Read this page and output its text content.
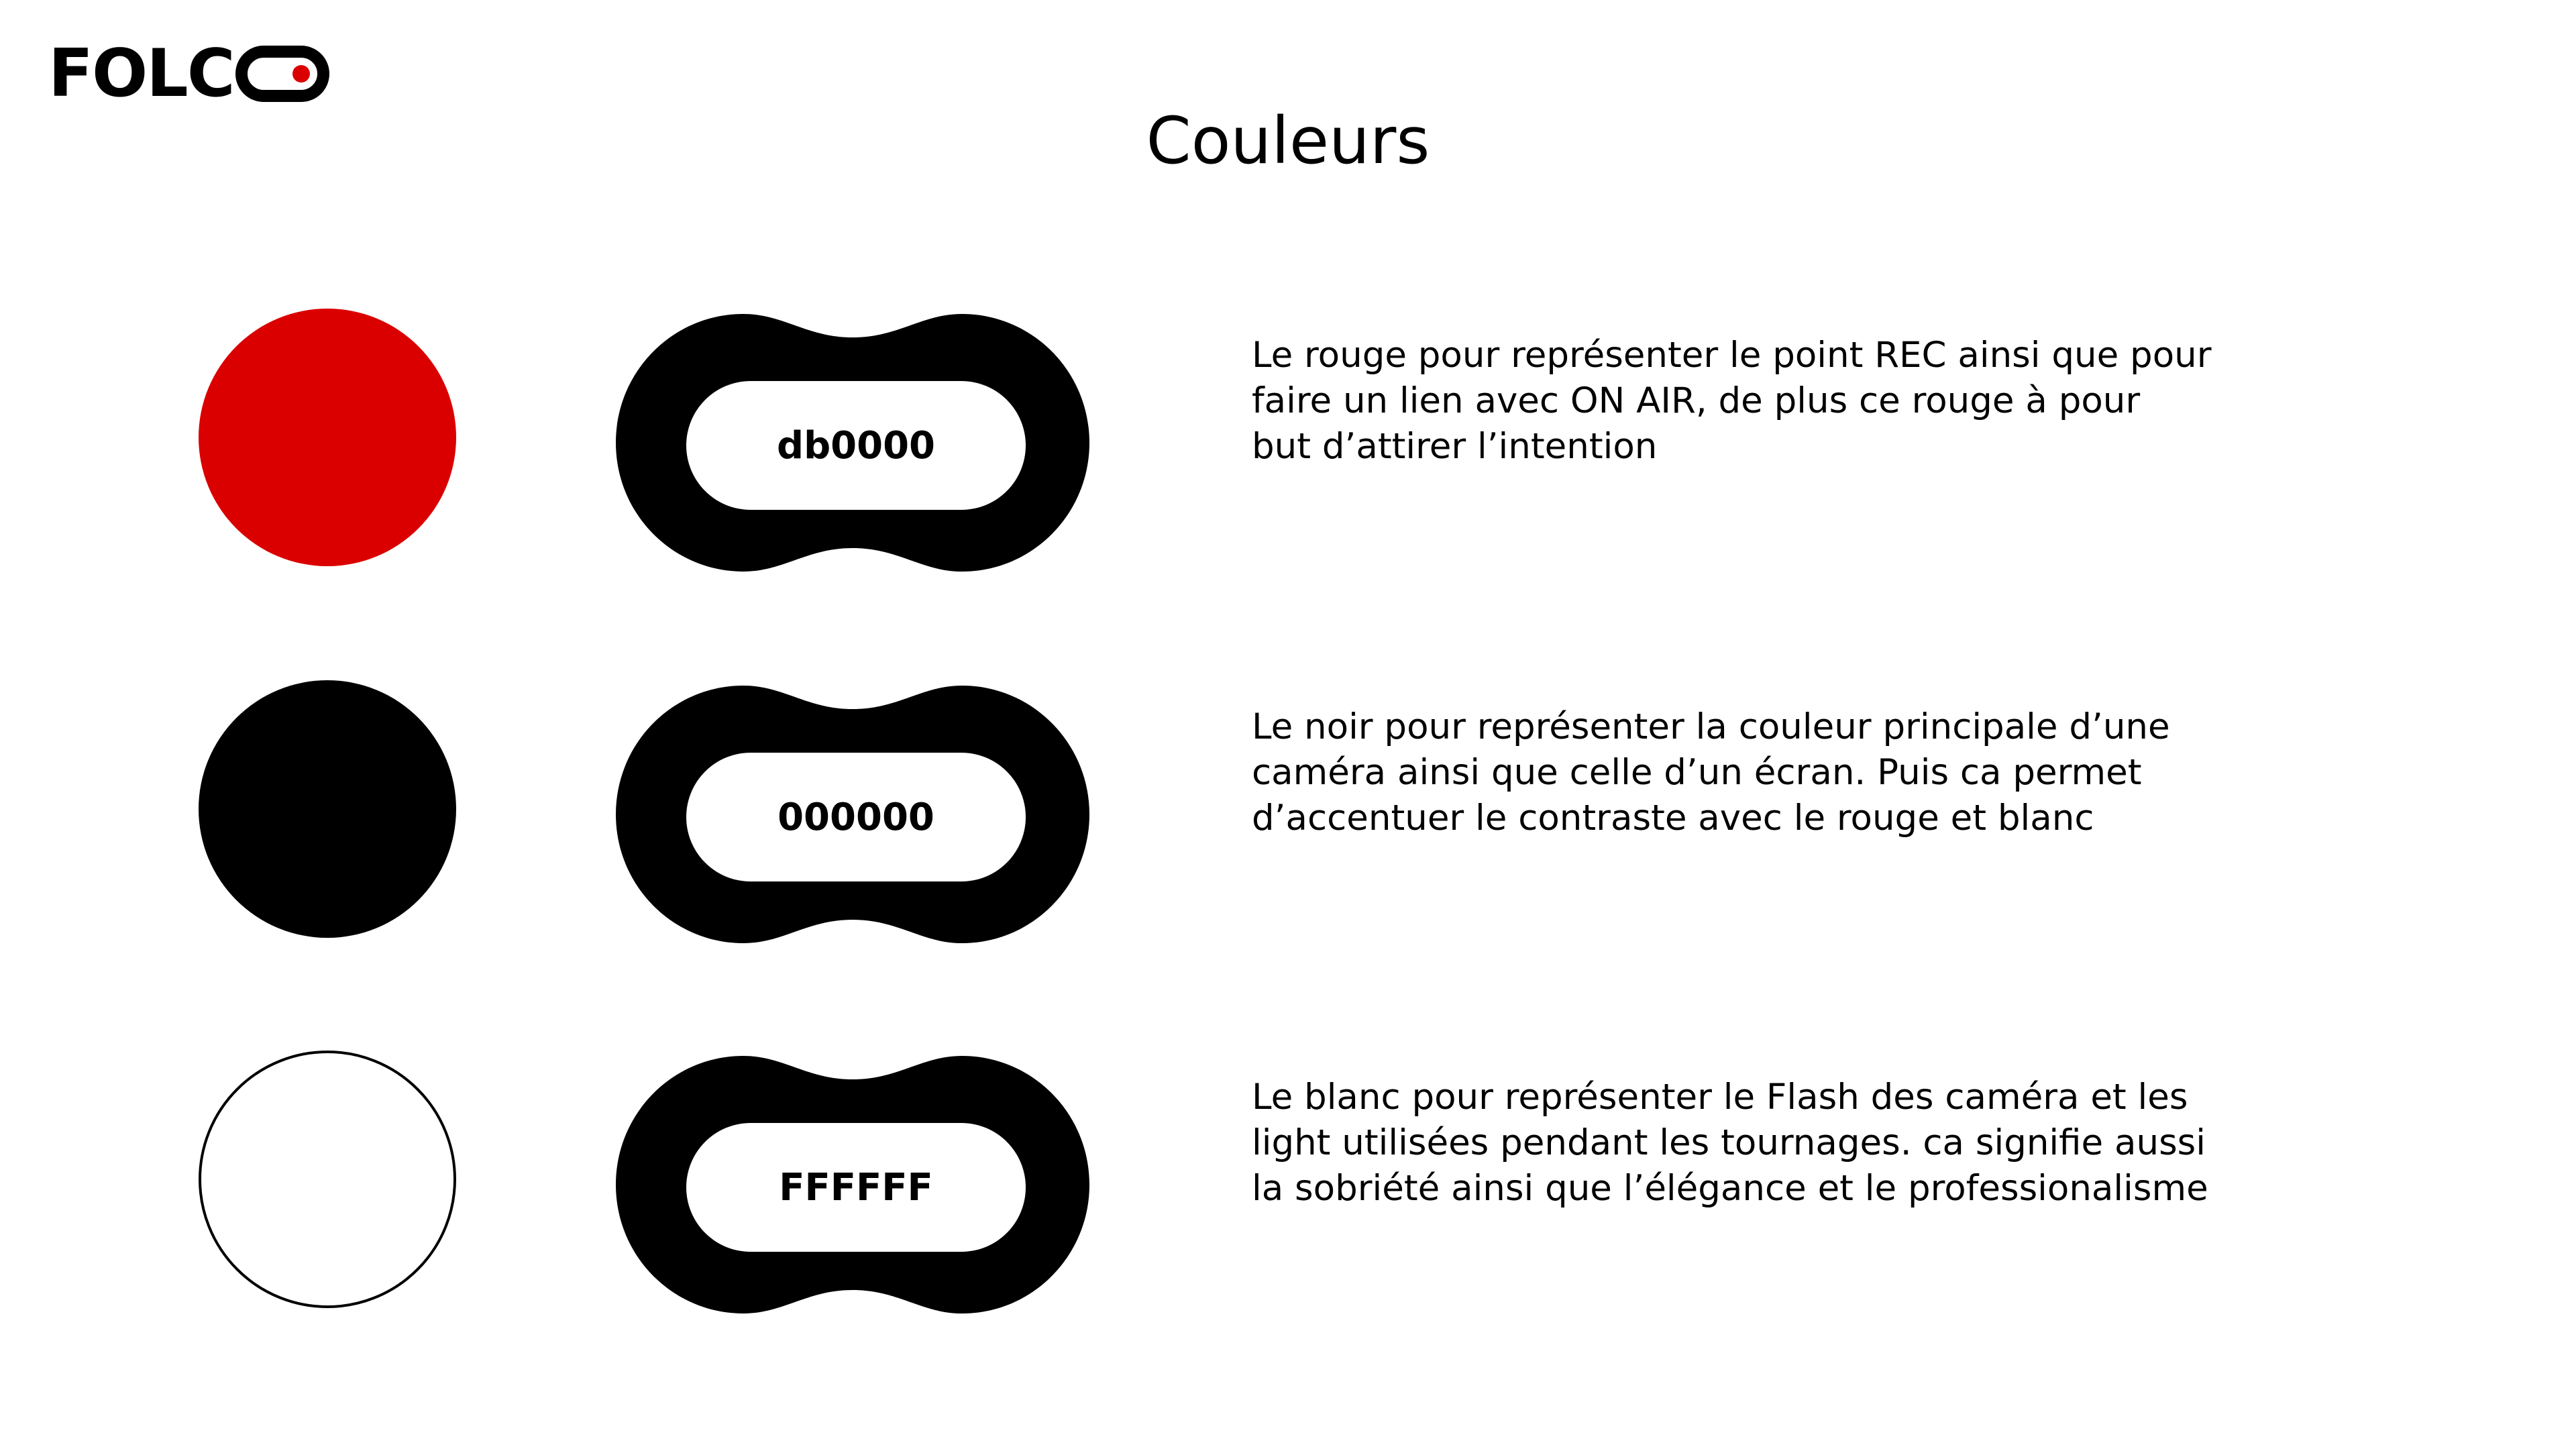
FOLC
Couleurs
db0000

Le rouge pour représenter le point REC ainsi que pour

faire un lien avec ON AIR, de plus ce rouge à pour

but d’attirer l’intention

000000

Le noir pour représenter la couleur principale d’une

caméra ainsi que celle d’un écran. Puis ca permet

d’accentuer le contraste avec le rouge et blanc

FFFFFF

Le blanc pour représenter le Flash des caméra et les

light utilisées pendant les tournages. ca signifie aussi

la sobriété ainsi que l’élégance et le professionalisme
